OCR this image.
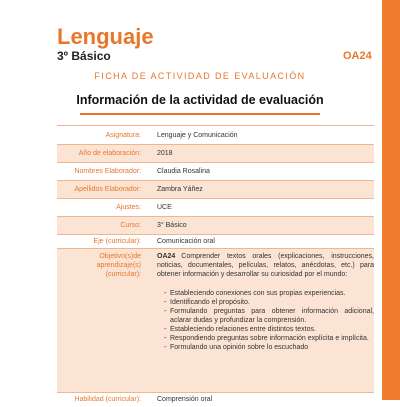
Lenguaje
3º Básico	OA24
FICHA DE ACTIVIDAD DE EVALUACIÓN
Información de la actividad de evaluación
Asignatura: Lenguaje y Comunicación
Año de elaboración: 2018
Nombres Elaborador: Claudia Rosalina
Apellidos Elaborador: Zambra Yáñez
Ajustes: UCE
Curso: 3° Básico
Eje (curricular): Comunicación oral
Objetivo(s)de
aprendizaje(s)
(curricular):
OA24 Comprender textos orales (explicaciones, instrucciones, noticias, documentales, películas, relatos, anécdotas, etc.) para obtener información y desarrollar su curiosidad por el mundo:
- Estableciendo conexiones con sus propias experiencias.
- Identificando el propósito.
- Formulando preguntas para obtener información adicional, aclarar dudas y profundizar la comprensión.
- Estableciendo relaciones entre distintos textos.
- Respondiendo preguntas sobre información explícita e implícita.
- Formulando una opinión sobre lo escuchado
Habilidad (curricular): Comprensión oral
